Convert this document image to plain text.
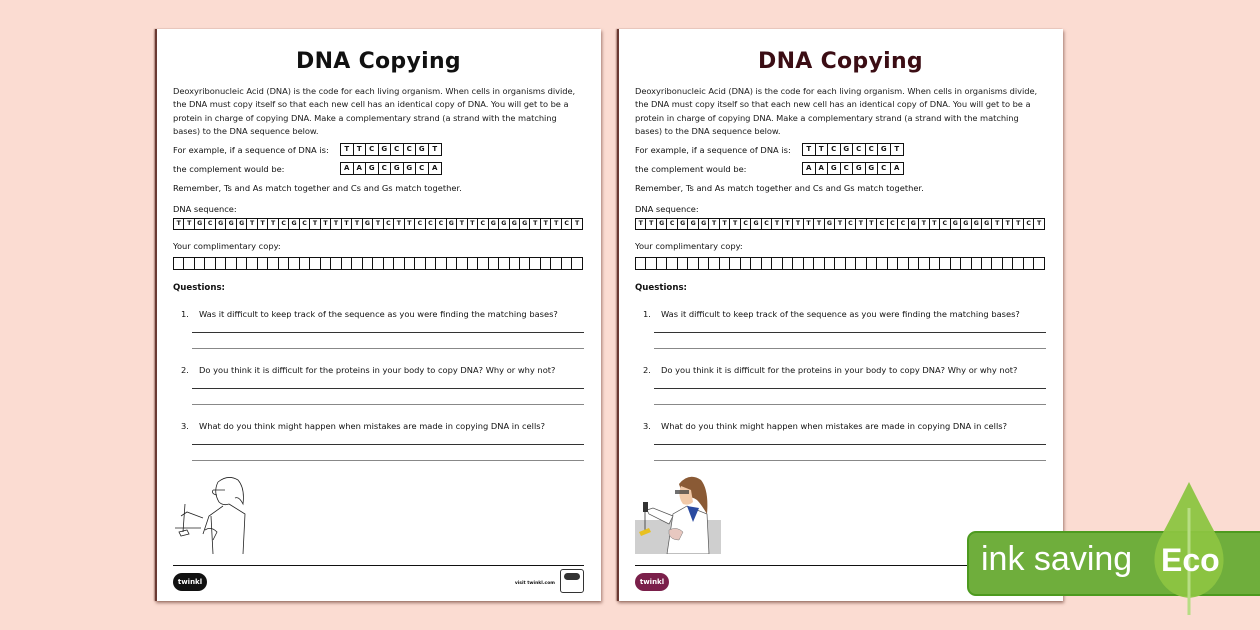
DNA Copying
Deoxyribonucleic Acid (DNA) is the code for each living organism. When cells in organisms divide, the DNA must copy itself so that each new cell has an identical copy of DNA. You will get to be a protein in charge of copying DNA. Make a complementary strand (a strand with the matching bases) to the DNA sequence below.
For example, if a sequence of DNA is:	T	T	C	G	C	C	G	T
the complement would be:	A	A G	C	G G	C	A
Remember, Ts and As match together and Cs and Gs match together.
DNA sequence:
T	T G C G G G T	T	T C G C T	T	T	T	T G T C T	T C C C G T	T C G G G G T	T	T C T
Your complimentary copy:
Questions:
1.	Was it difficult to keep track of the sequence as you were finding the matching bases?
2.	Do you think it is difficult for the proteins in your body to copy DNA? Why or why not?
3.	What do you think might happen when mistakes are made in copying DNA in cells?
twinkl	visit twinkl.com
DNA Copying
Deoxyribonucleic Acid (DNA) is the code for each living organism. When cells in organisms divide, the DNA must copy itself so that each new cell has an identical copy of DNA. You will get to be a protein in charge of copying DNA. Make a complementary strand (a strand with the matching bases) to the DNA sequence below.
For example, if a sequence of DNA is:	T	T	C	G	C	C	G	T
the complement would be:	A	A G	C	G G	C	A
Remember, Ts and As match together and Cs and Gs match together.
DNA sequence:
T	T G C G G G T	T	T C G C T	T	T	T	T G T C T	T C C C G T	T C G G G G T	T	T C T
Your complimentary copy:
Questions:
1.	Was it difficult to keep track of the sequence as you were finding the matching bases?
2.	Do you think it is difficult for the proteins in your body to copy DNA? Why or why not?
3.	What do you think might happen when mistakes are made in copying DNA in cells?
twinkl
ink saving Eco
